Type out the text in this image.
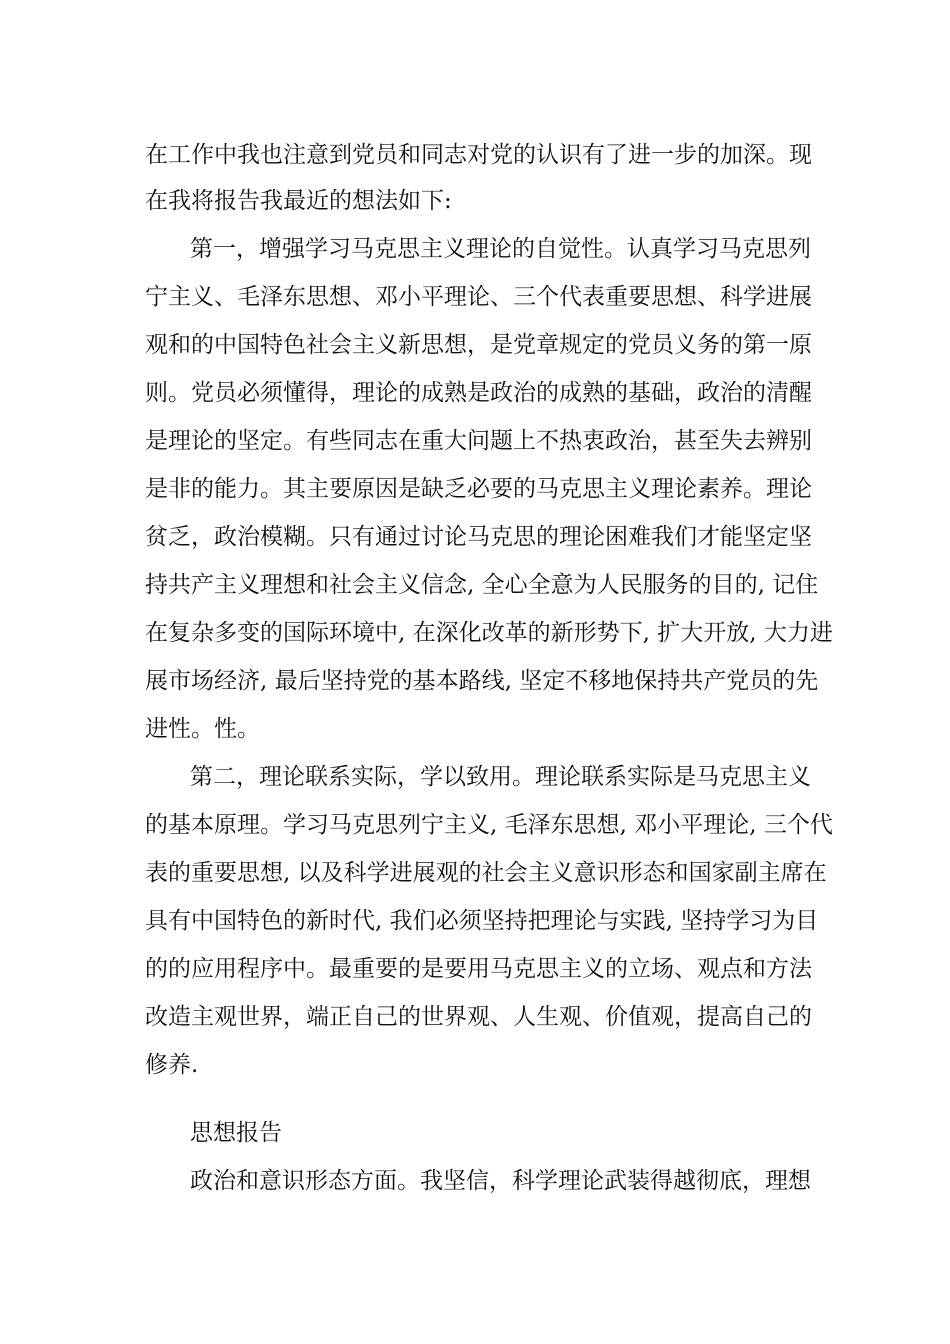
在工作中我也注意到党员和同志对党的认识有了进一步的加深。现
在我将报告我最近的想法如下:
第一，增强学习马克思主义理论的自觉性。认真学习马克思列
宁主义、毛泽东思想、邓小平理论、三个代表重要思想、科学进展
观和的中国特色社会主义新思想，是党章规定的党员义务的第一原
则。党员必须懂得，理论的成熟是政治的成熟的基础，政治的清醒
是理论的坚定。有些同志在重大问题上不热衷政治，甚至失去辨别
是非的能力。其主要原因是缺乏必要的马克思主义理论素养。理论
贫乏，政治模糊。只有通过讨论马克思的理论困难我们才能坚定坚
持共产主义理想和社会主义信念, 全心全意为人民服务的目的, 记住
在复杂多变的国际环境中, 在深化改革的新形势下, 扩大开放, 大力进
展市场经济, 最后坚持党的基本路线, 坚定不移地保持共产党员的先
进性。性。
第二，理论联系实际，学以致用。理论联系实际是马克思主义
的基本原理。学习马克思列宁主义, 毛泽东思想, 邓小平理论, 三个代
表的重要思想, 以及科学进展观的社会主义意识形态和国家副主席在
具有中国特色的新时代, 我们必须坚持把理论与实践, 坚持学习为目
的的应用程序中。最重要的是要用马克思主义的立场、观点和方法
改造主观世界，端正自己的世界观、人生观、价值观，提高自己的
修养.
思想报告
政治和意识形态方面。我坚信，科学理论武装得越彻底，理想
